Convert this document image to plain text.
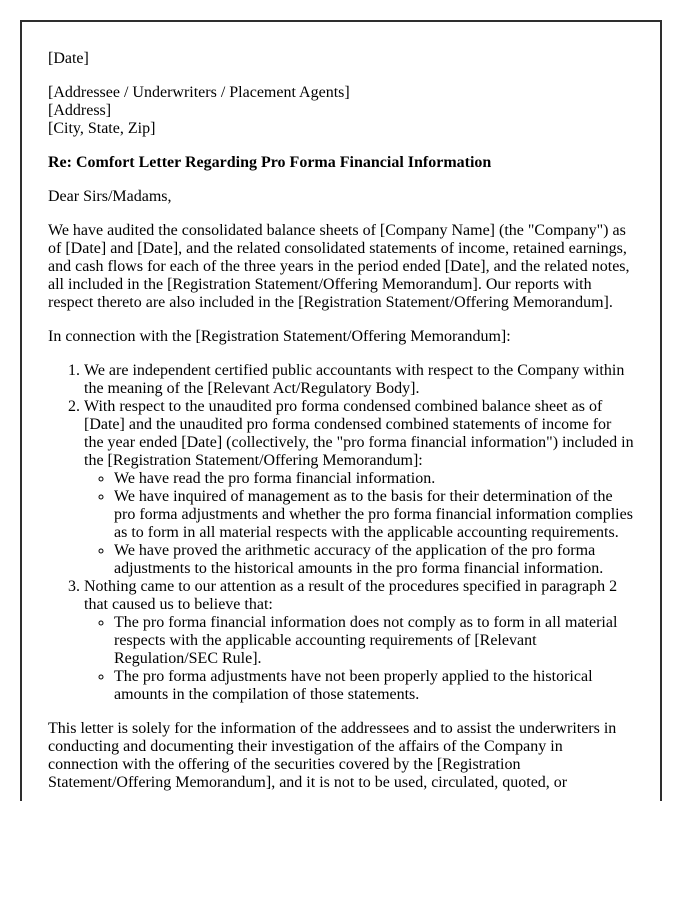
[Date]

[Addressee / Underwriters / Placement Agents]
[Address]
[City, State, Zip]

Re: Comfort Letter Regarding Pro Forma Financial Information

Dear Sirs/Madams,

We have audited the consolidated balance sheets of [Company Name] (the "Company") as of [Date] and [Date], and the related consolidated statements of income, retained earnings, and cash flows for each of the three years in the period ended [Date], and the related notes, all included in the [Registration Statement/Offering Memorandum]. Our reports with respect thereto are also included in the [Registration Statement/Offering Memorandum].

In connection with the [Registration Statement/Offering Memorandum]:

1. We are independent certified public accountants with respect to the Company within the meaning of the [Relevant Act/Regulatory Body].
2. With respect to the unaudited pro forma condensed combined balance sheet as of [Date] and the unaudited pro forma condensed combined statements of income for the year ended [Date] (collectively, the "pro forma financial information") included in the [Registration Statement/Offering Memorandum]:
◦ We have read the pro forma financial information.
◦ We have inquired of management as to the basis for their determination of the pro forma adjustments and whether the pro forma financial information complies as to form in all material respects with the applicable accounting requirements.
◦ We have proved the arithmetic accuracy of the application of the pro forma adjustments to the historical amounts in the pro forma financial information.
3. Nothing came to our attention as a result of the procedures specified in paragraph 2 that caused us to believe that:
◦ The pro forma financial information does not comply as to form in all material respects with the applicable accounting requirements of [Relevant Regulation/SEC Rule].
◦ The pro forma adjustments have not been properly applied to the historical amounts in the compilation of those statements.

This letter is solely for the information of the addressees and to assist the underwriters in conducting and documenting their investigation of the affairs of the Company in connection with the offering of the securities covered by the [Registration Statement/Offering Memorandum], and it is not to be used, circulated, quoted, or
